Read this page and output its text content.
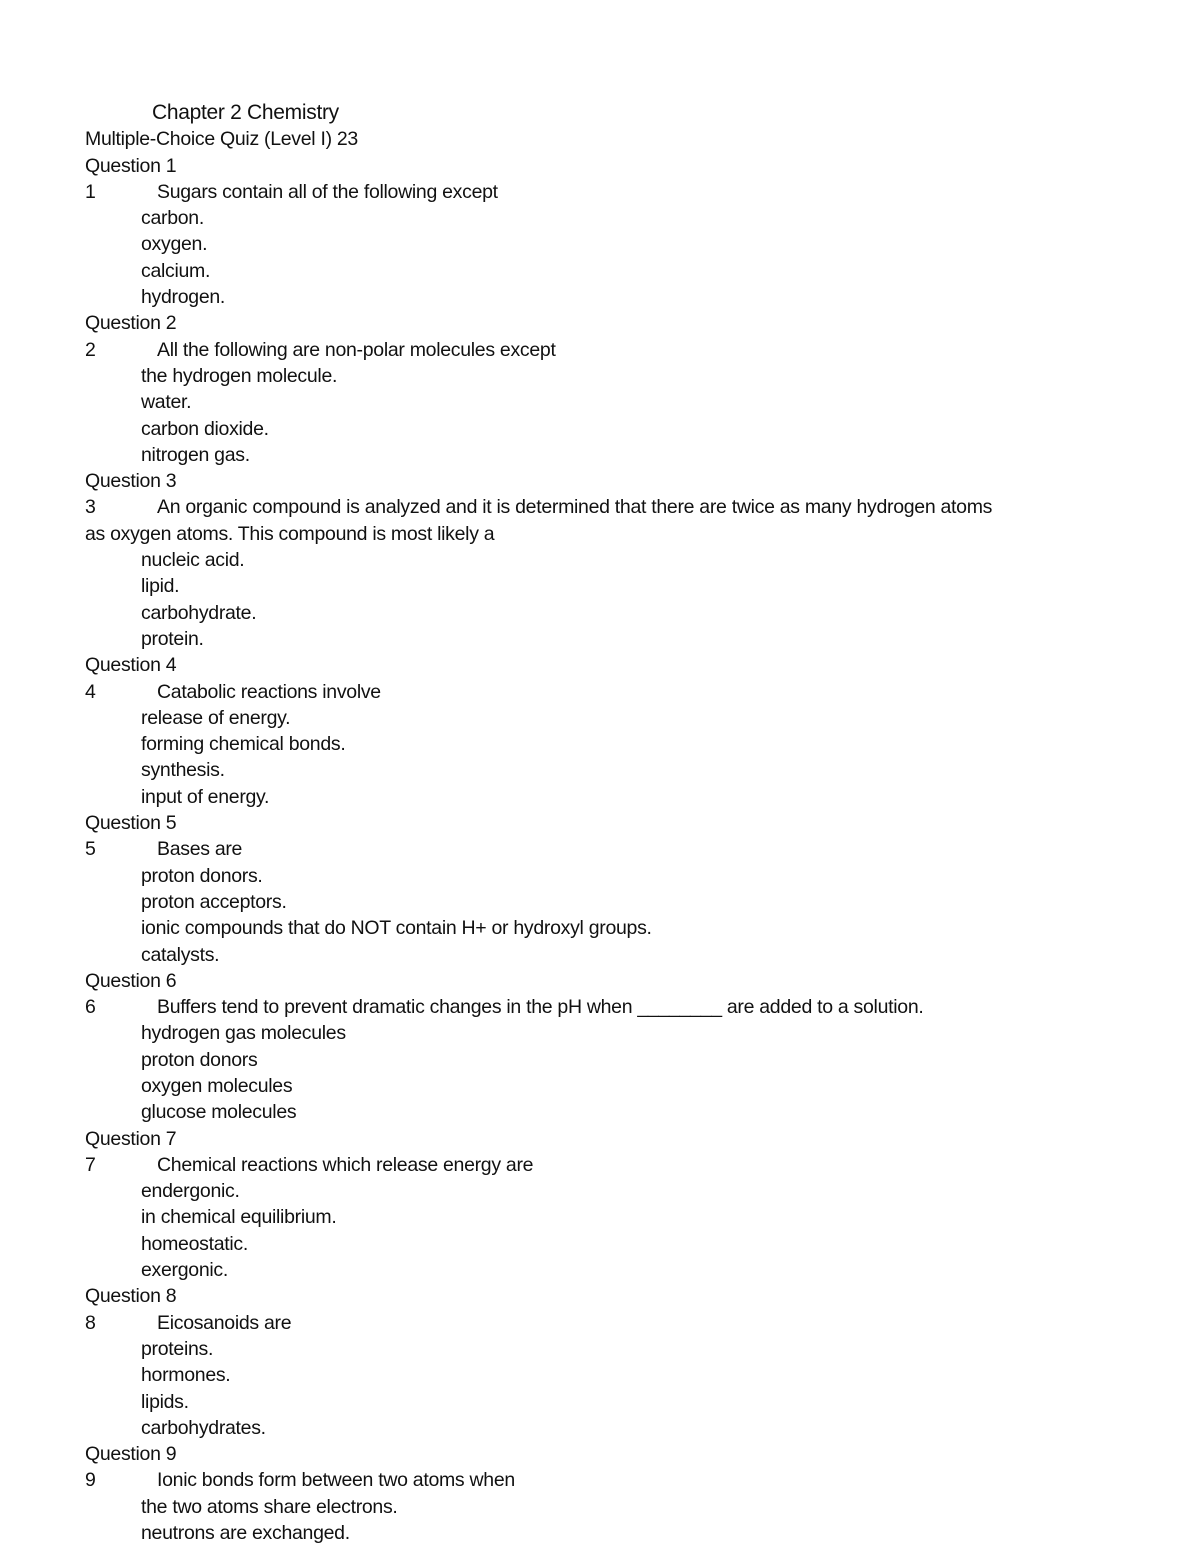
Chapter 2 Chemistry
Multiple-Choice Quiz (Level I) 23
Question 1
1	Sugars contain all of the following except
carbon.
oxygen.
calcium.
hydrogen.
Question 2
2	All the following are non-polar molecules except
the hydrogen molecule.
water.
carbon dioxide.
nitrogen gas.
Question 3
3	An organic compound is analyzed and it is determined that there are twice as many hydrogen atoms
as oxygen atoms. This compound is most likely a
nucleic acid.
lipid.
carbohydrate.
protein.
Question 4
4	Catabolic reactions involve
release of energy.
forming chemical bonds.
synthesis.
input of energy.
Question 5
5	Bases are
proton donors.
proton acceptors.
ionic compounds that do NOT contain H+ or hydroxyl groups.
catalysts.
Question 6
6	Buffers tend to prevent dramatic changes in the pH when ________ are added to a solution.
hydrogen gas molecules
proton donors
oxygen molecules
glucose molecules
Question 7
7	Chemical reactions which release energy are
endergonic.
in chemical equilibrium.
homeostatic.
exergonic.
Question 8
8	Eicosanoids are
proteins.
hormones.
lipids.
carbohydrates.
Question 9
9	Ionic bonds form between two atoms when
the two atoms share electrons.
neutrons are exchanged.
